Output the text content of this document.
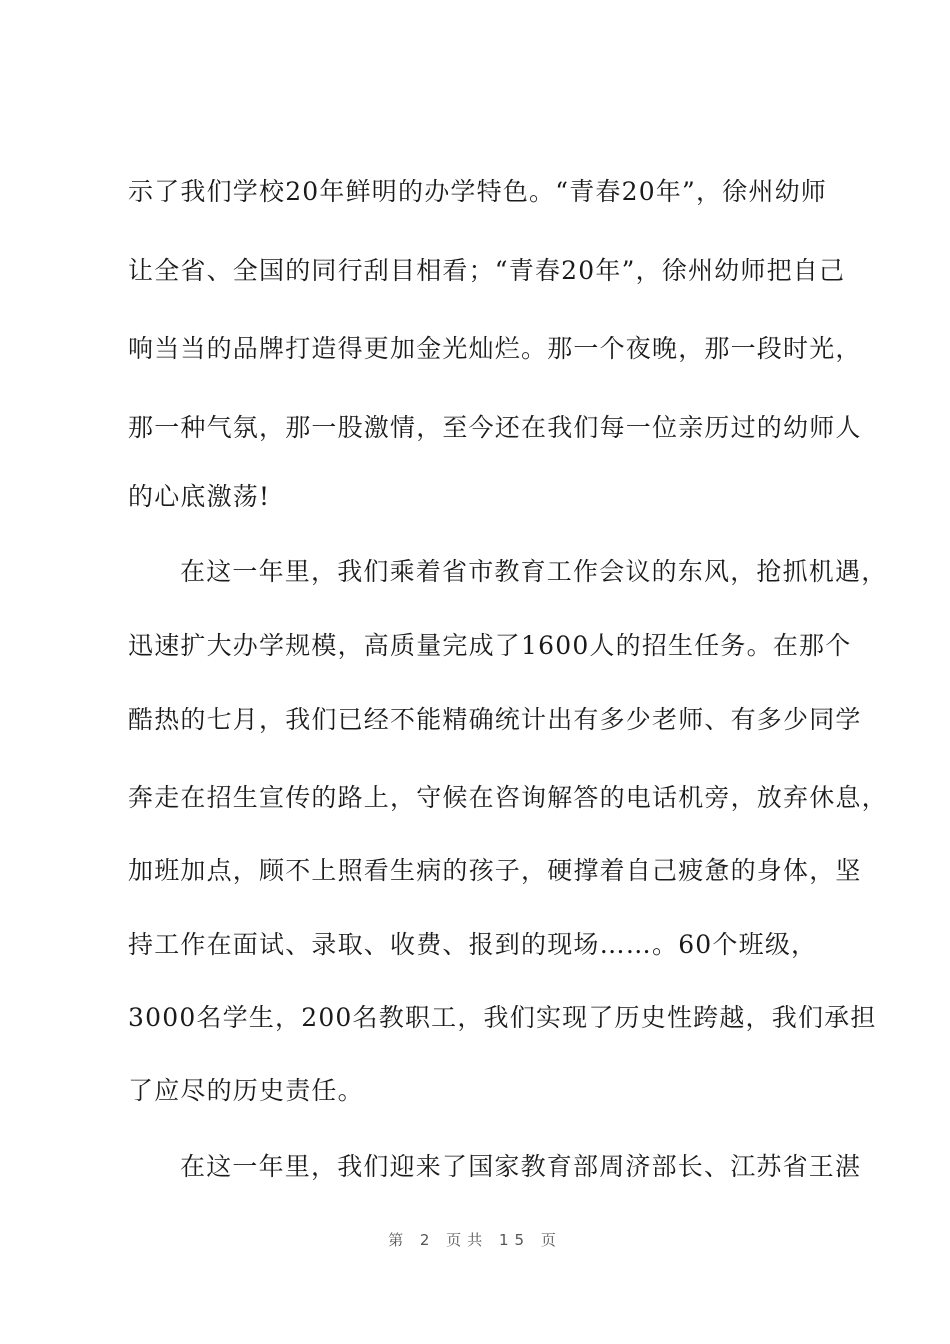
示了我们学校20年鲜明的办学特色。“青春20年”，徐州幼师
让全省、全国的同行刮目相看；“青春20年”，徐州幼师把自己
响当当的品牌打造得更加金光灿烂。那一个夜晚，那一段时光，
那一种气氛，那一股激情，至今还在我们每一位亲历过的幼师人
的心底激荡!
在这一年里，我们乘着省市教育工作会议的东风，抢抓机遇，
迅速扩大办学规模，高质量完成了1600人的招生任务。在那个
酷热的七月，我们已经不能精确统计出有多少老师、有多少同学
奔走在招生宣传的路上，守候在咨询解答的电话机旁，放弃休息，
加班加点，顾不上照看生病的孩子，硬撑着自己疲惫的身体，坚
持工作在面试、录取、收费、报到的现场……。60个班级，
3000名学生，200名教职工，我们实现了历史性跨越，我们承担
了应尽的历史责任。
在这一年里，我们迎来了国家教育部周济部长、江苏省王湛
第 2 页共 15 页
